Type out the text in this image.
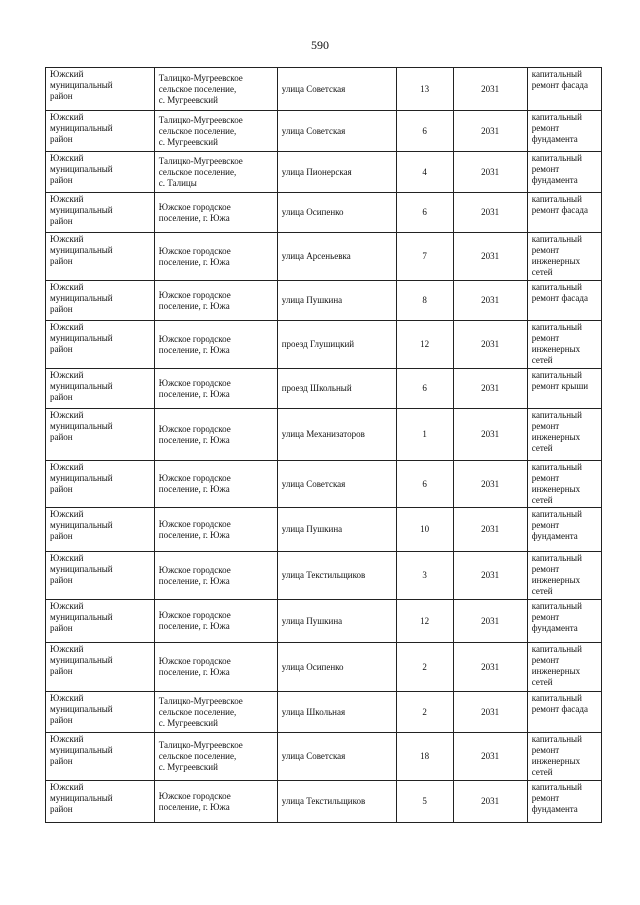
590
Южский
муниципальный
район	Талицко-Мугреевское
сельское поселение,
с. Мугреевский	улица Советская	13	2031	капитальный
ремонт фасада

Южский
муниципальный
район	Талицко-Мугреевское
сельское поселение,
с. Мугреевский	улица Советская	6	2031	капитальный
ремонт
фундамента

Южский
муниципальный
район	Талицко-Мугреевское
сельское поселение,
с. Талицы	улица Пионерская	4	2031	капитальный
ремонт
фундамента

Южский
муниципальный
район	Южское городское
поселение, г. Южа	улица Осипенко	6	2031	капитальный
ремонт фасада

Южский
муниципальный
район	Южское городское
поселение, г. Южа	улица Арсеньевка	7	2031	капитальный
ремонт
инженерных
сетей

Южский
муниципальный
район	Южское городское
поселение, г. Южа	улица Пушкина	8	2031	капитальный
ремонт фасада

Южский
муниципальный
район	Южское городское
поселение, г. Южа	проезд Глушицкий	12	2031	капитальный
ремонт
инженерных
сетей

Южский
муниципальный
район	Южское городское
поселение, г. Южа	проезд Школьный	6	2031	капитальный
ремонт крыши

Южский
муниципальный
район	Южское городское
поселение, г. Южа	улица Механизаторов	1	2031	капитальный
ремонт
инженерных
сетей

Южский
муниципальный
район	Южское городское
поселение, г. Южа	улица Советская	6	2031	капитальный
ремонт
инженерных
сетей

Южский
муниципальный
район	Южское городское
поселение, г. Южа	улица Пушкина	10	2031	капитальный
ремонт
фундамента

Южский
муниципальный
район	Южское городское
поселение, г. Южа	улица Текстильщиков	3	2031	капитальный
ремонт
инженерных
сетей

Южский
муниципальный
район	Южское городское
поселение, г. Южа	улица Пушкина	12	2031	капитальный
ремонт
фундамента

Южский
муниципальный
район	Южское городское
поселение, г. Южа	улица Осипенко	2	2031	капитальный
ремонт
инженерных
сетей

Южский
муниципальный
район	Талицко-Мугреевское
сельское поселение,
с. Мугреевский	улица Школьная	2	2031	капитальный
ремонт фасада

Южский
муниципальный
район	Талицко-Мугреевское
сельское поселение,
с. Мугреевский	улица Советская	18	2031	капитальный
ремонт
инженерных
сетей

Южский
муниципальный
район	Южское городское
поселение, г. Южа	улица Текстильщиков	5	2031	капитальный
ремонт
фундамента
